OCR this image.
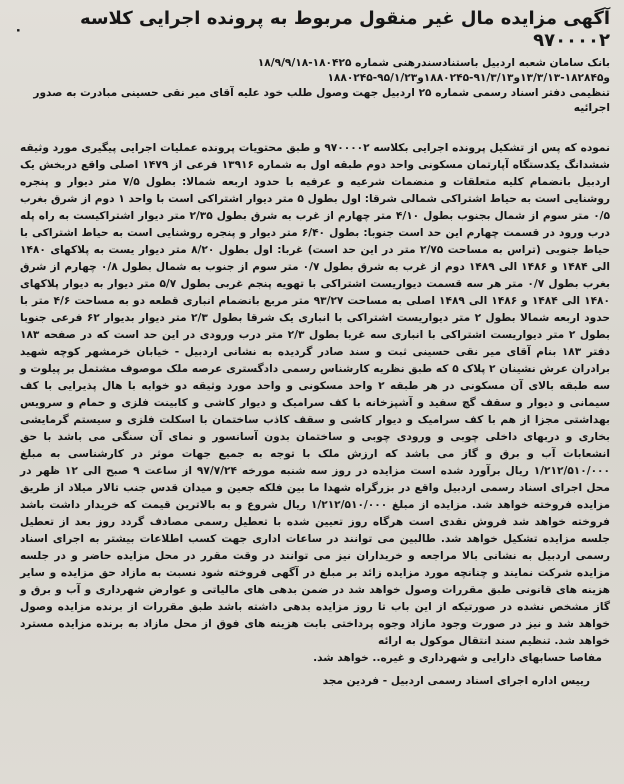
آگهی مزایده مال غیر منقول مربوط به پرونده اجرایی کلاسه ۹۷۰۰۰۰۲
۰

بانک سامان شعبه اردبیل باستنادسندرهنی شماره ۱۸۰۴۲۵-۱۸/۹/۹/۱۸ و۱۸۲۸۴۵-۱۳/۳/۱۳و۹۱/۳/۱۳-۱۸۸۰۲۴۵و۹۵/۱/۲۳-۱۸۸۰۲۴۵

تنظیمی دفتر اسناد رسمی شماره ۲۵ اردبیل جهت وصول طلب خود علیه آقای میر نقی حسینی مبادرت به صدور اجرائیه

نموده که پس از تشکیل پرونده اجرایی بکلاسه ۹۷۰۰۰۰۲ و طبق محتویات پرونده عملیات اجرایی پیگیری مورد وثیقه ششدانگ یکدستگاه آپارتمان مسکونی واحد دوم طبقه اول به شماره ۱۳۹۱۶ فرعی از ۱۴۷۹ اصلی واقع دربخش یک اردبیل بانضمام کلیه متعلقات و منضمات شرعیه و عرفیه با حدود اربعه شمالا: بطول ۷/۵ متر دیوار و پنجره روشنایی است به حیاط اشتراکی شمالی شرقا: اول بطول ۵ متر دیوار اشتراکی است با واحد ۱ دوم از شرق بغرب ۰/۵ متر سوم از شمال بجنوب بطول ۴/۱۰ متر چهارم از غرب به شرق بطول ۲/۳۵ متر دیوار اشتراکیست به راه پله درب ورود در قسمت چهارم این حد است جنوبا: بطول ۶/۴۰ متر دیوار و پنجره روشنایی است به حیاط اشتراکی با حیاط جنوبی (تراس به مساحت ۲/۷۵ متر در این حد است) غربا: اول بطول ۸/۲۰ متر دیوار یست به پلاکهای ۱۴۸۰ الی ۱۴۸۴ و ۱۴۸۶ الی ۱۴۸۹ دوم از غرب به شرق بطول ۰/۷ متر سوم از جنوب به شمال بطول ۰/۸ چهارم از شرق بغرب بطول ۰/۷ متر هر سه قسمت دیواریست اشتراکی با تهویه پنجم غربی بطول ۵/۷ متر دیوار به دیوار پلاکهای ۱۴۸۰ الی ۱۴۸۴ و ۱۴۸۶ الی ۱۴۸۹ اصلی به مساحت ۹۳/۲۷ متر مربع بانضمام انباری قطعه دو به مساحت ۴/۶ متر با حدود اربعه شمالا بطول ۲ متر دیواریست اشتراکی با انباری یک شرقا بطول ۲/۳ متر دیوار بدیوار ۶۲ فرعی جنوبا بطول ۲ متر دیواریست اشتراکی با انباری سه غربا بطول ۲/۳ متر درب ورودی در این حد است که در صفحه ۱۸۳ دفتر ۱۸۳ بنام آقای میر نقی حسینی ثبت و سند صادر گردیده به نشانی اردبیل - خیابان خرمشهر کوچه شهید برادران عرش نشینان ۲ پلاک ۵ که طبق نظریه کارشناس رسمی دادگستری عرصه ملک موصوف مشتمل بر پیلوت و سه طبقه بالای آن مسکونی در هر طبقه ۲ واحد مسکونی و واحد مورد وثیقه دو خوابه با هال پذیرایی با کف سیمانی و دیوار و سقف گچ سفید و آشپزخانه با کف سرامیک و دیوار کاشی و کابینت فلزی و حمام و سرویس بهداشتی مجزا از هم با کف سرامیک و دیوار کاشی و سقف کاذب ساختمان با اسکلت فلزی و سیستم گرمایشی بخاری و دربهای داخلی چوبی و ورودی چوبی و ساختمان بدون آسانسور و نمای آن سنگی می باشد با حق انشعابات آب و برق و گاز می باشد که ارزش ملک با توجه به جمیع جهات موثر در کارشناسی به مبلغ ۱/۲۱۲/۵۱۰/۰۰۰ ریال برآورد شده است مزایده در روز سه شنبه مورخه ۹۷/۷/۲۴ از ساعت ۹ صبح الی ۱۲ ظهر در محل اجرای اسناد رسمی اردبیل واقع در بزرگراه شهدا ما بین فلکه جعین و میدان قدس جنب تالار میلاد از طریق مزایده فروخته خواهد شد. مزایده از مبلغ ۱/۲۱۲/۵۱۰/۰۰۰ ریال شروع و به بالاترین قیمت که خریدار داشت باشد فروخته خواهد شد فروش نقدی است هرگاه روز تعیین شده با تعطیل رسمی مصادف گردد روز بعد از تعطیل جلسه مزایده تشکیل خواهد شد. طالبین می توانند در ساعات اداری جهت کسب اطلاعات بیشتر به اجرای اسناد رسمی اردبیل به نشانی بالا مراجعه و خریداران نیز می توانند در وقت مقرر در محل مزایده حاضر و در جلسه مزایده شرکت نمایند و چنانچه مورد مزایده زائد بر مبلغ در آگهی فروخته شود نسبت به مازاد حق مزایده و سایر هزینه های قانونی طبق مقررات وصول خواهد شد در ضمن بدهی های مالیاتی و عوارض شهرداری و آب و برق و گاز مشخص نشده در صورتیکه از این باب تا روز مزایده بدهی داشته باشد طبق مقررات از برنده مزایده وصول خواهد شد و نیز در صورت وجود مازاد وجوه پرداختی بابت هزینه های فوق از محل مازاد به برنده مزایده مسترد خواهد شد. تنظیم سند انتقال موکول به ارائه

مفاصا حسابهای دارایی و شهرداری و غیره.. خواهد شد.

رییس اداره اجرای اسناد رسمی اردبیل - فردین مجد
